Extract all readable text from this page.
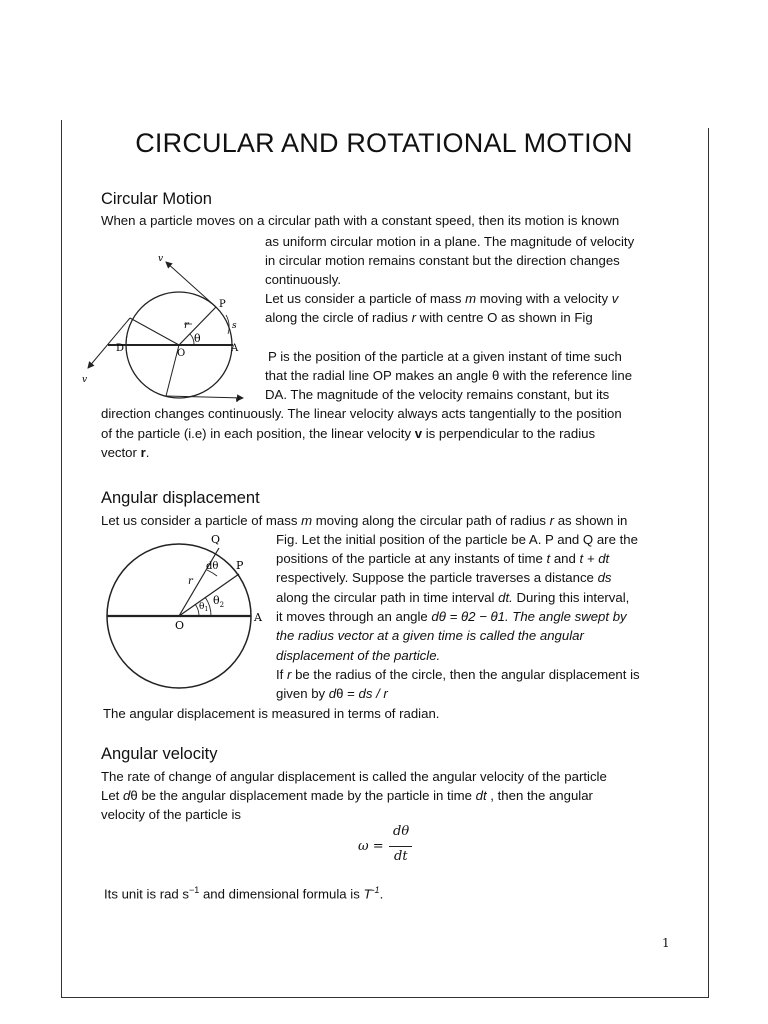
CIRCULAR AND ROTATIONAL MOTION
Circular Motion
When a particle moves on a circular path with a constant speed, then its motion is known
as uniform circular motion in a plane. The magnitude of velocity
in circular motion remains constant but the direction changes
continuously.
Let us consider a particle of mass m moving with a velocity v
along the circle of radius r with centre O as shown in Fig
P is the position of the particle at a given instant of time such
that the radial line OP makes an angle θ with the reference line
DA. The magnitude of the velocity remains constant, but its
direction changes continuously. The linear velocity always acts tangentially to the position
of the particle (i.e) in each position, the linear velocity v is perpendicular to the radius
vector r.
v
v
v
P
s
r
θ
D	O	A
Angular displacement
Let us consider a particle of mass m moving along the circular path of radius r as shown in
Fig. Let the initial position of the particle be A. P and Q are the
positions of the particle at any instants of time t and t + dt
respectively. Suppose the particle traverses a distance ds
along the circular path in time interval dt. During this interval,
it moves through an angle dθ = θ2 − θ1. The angle swept by
the radius vector at a given time is called the angular
displacement of the particle.
If r be the radius of the circle, then the angular displacement is
given by dθ = ds / r
The angular displacement is measured in terms of radian.
Q
dθ P
r
$\theta_2$
$\theta_1$
O
A
Angular velocity
The rate of change of angular displacement is called the angular velocity of the particle
Let dθ be the angular displacement made by the particle in time dt , then the angular
velocity of the particle is
ω =
dθ
dt
Its unit is rad $s^{-1}$ and dimensional formula is $T^{-1}$.
1
